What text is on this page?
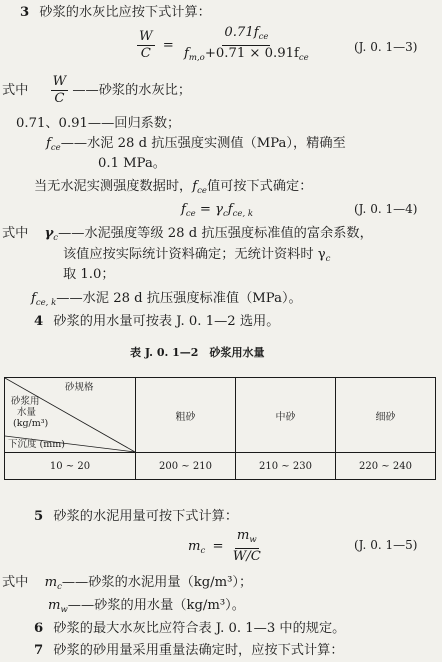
3 砂浆的水灰比应按下式计算：
$\frac{W}{C} = \frac{0.71f_{ce}}{f_{m,o}+0.71 \times 0.91f_{ce}}$	(J. 0. 1—3)
式中 $\frac{W}{C}$ ——砂浆的水灰比；
0.71、0.91——回归系数；
$f_{ce}——$水泥 28 d 抗压强度实测值（MPa），精确至
0.1 MPa。
当无水泥实测强度数据时，$f_{ce}$值可按下式确定：
$f_{ce} = \gamma_cf_{ce, k}$	(J. 0. 1—4)
式中 $\gamma_c——$水泥强度等级 28 d 抗压强度标准值的富余系数，
该值应按实际统计资料确定；无统计资料时 $\gamma_c$
取 1.0；
$f_{ce, k}——$水泥 28 d 抗压强度标准值（MPa）。
4 砂浆的用水量可按表 J. 0. 1—2 选用。
表 J. 0. 1—2　砂浆用水量
砂规格
砂浆用
水量
(kg/m³)
下沉度 (mm)	粗砂	中砂	细砂
10 ~ 20	200 ~ 210	210 ~ 230	220 ~ 240
5 砂浆的水泥用量可按下式计算：
$m_c = \frac{m_w}{W/C}$	(J. 0. 1—5)
式中 $m_c——$砂浆的水泥用量（kg/m³）；
$m_w——$砂浆的用水量（kg/m³）。
6 砂浆的最大水灰比应符合表 J. 0. 1—3 中的规定。
7 砂浆的砂用量采用重量法确定时，应按下式计算：
